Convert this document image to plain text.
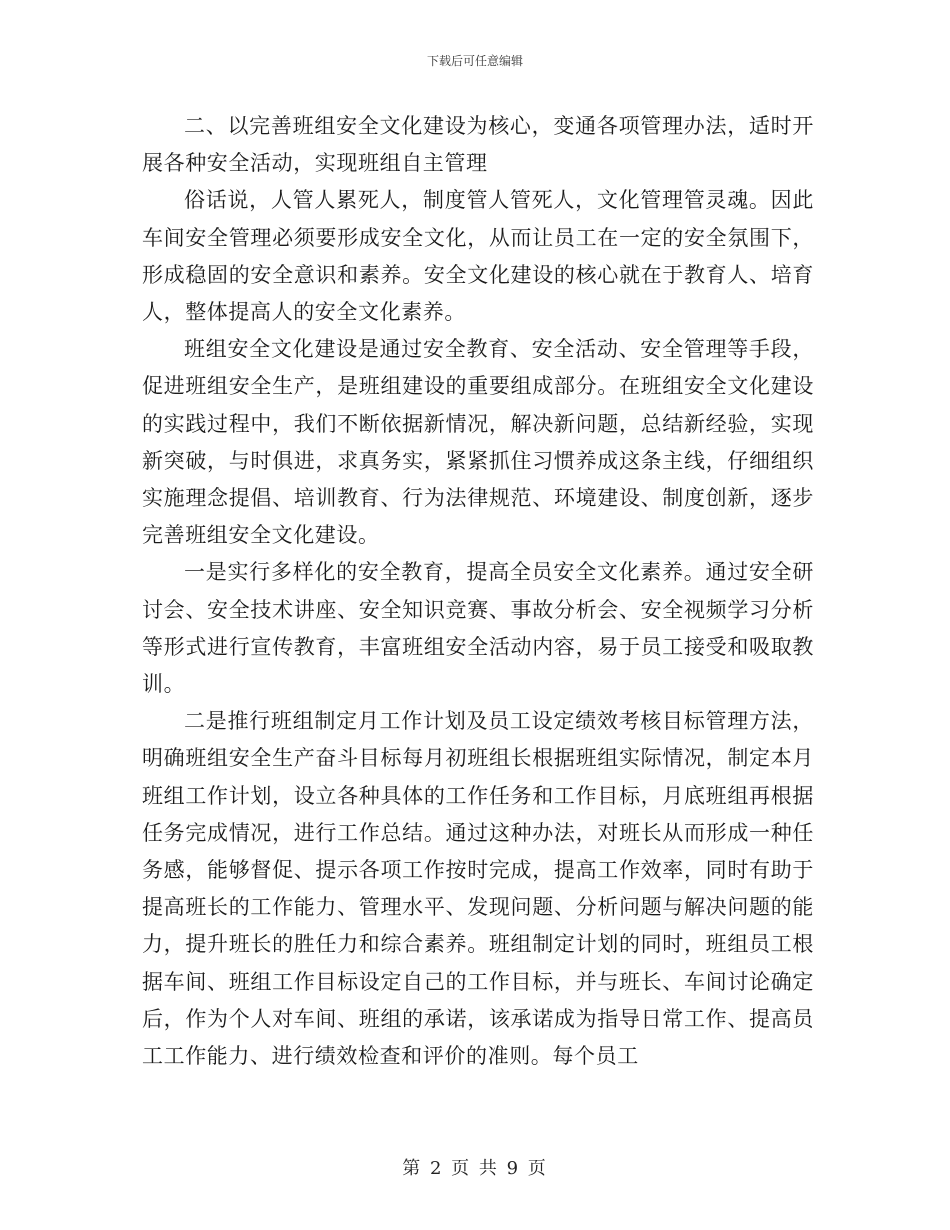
下载后可任意编辑

二、以完善班组安全文化建设为核心，变通各项管理办法，适时开展各种安全活动，实现班组自主管理

俗话说，人管人累死人，制度管人管死人，文化管理管灵魂。因此车间安全管理必须要形成安全文化，从而让员工在一定的安全氛围下，形成稳固的安全意识和素养。安全文化建设的核心就在于教育人、培育人，整体提高人的安全文化素养。

班组安全文化建设是通过安全教育、安全活动、安全管理等手段，促进班组安全生产，是班组建设的重要组成部分。在班组安全文化建设的实践过程中，我们不断依据新情况，解决新问题，总结新经验，实现新突破，与时俱进，求真务实，紧紧抓住习惯养成这条主线，仔细组织实施理念提倡、培训教育、行为法律规范、环境建设、制度创新，逐步完善班组安全文化建设。

一是实行多样化的安全教育，提高全员安全文化素养。通过安全研讨会、安全技术讲座、安全知识竞赛、事故分析会、安全视频学习分析等形式进行宣传教育，丰富班组安全活动内容，易于员工接受和吸取教训。

二是推行班组制定月工作计划及员工设定绩效考核目标管理方法，明确班组安全生产奋斗目标每月初班组长根据班组实际情况，制定本月班组工作计划，设立各种具体的工作任务和工作目标，月底班组再根据任务完成情况，进行工作总结。通过这种办法，对班长从而形成一种任务感，能够督促、提示各项工作按时完成，提高工作效率，同时有助于提高班长的工作能力、管理水平、发现问题、分析问题与解决问题的能力，提升班长的胜任力和综合素养。班组制定计划的同时，班组员工根据车间、班组工作目标设定自己的工作目标，并与班长、车间讨论确定后，作为个人对车间、班组的承诺，该承诺成为指导日常工作、提高员工工作能力、进行绩效检查和评价的准则。每个员工

第 2 页 共 9 页
